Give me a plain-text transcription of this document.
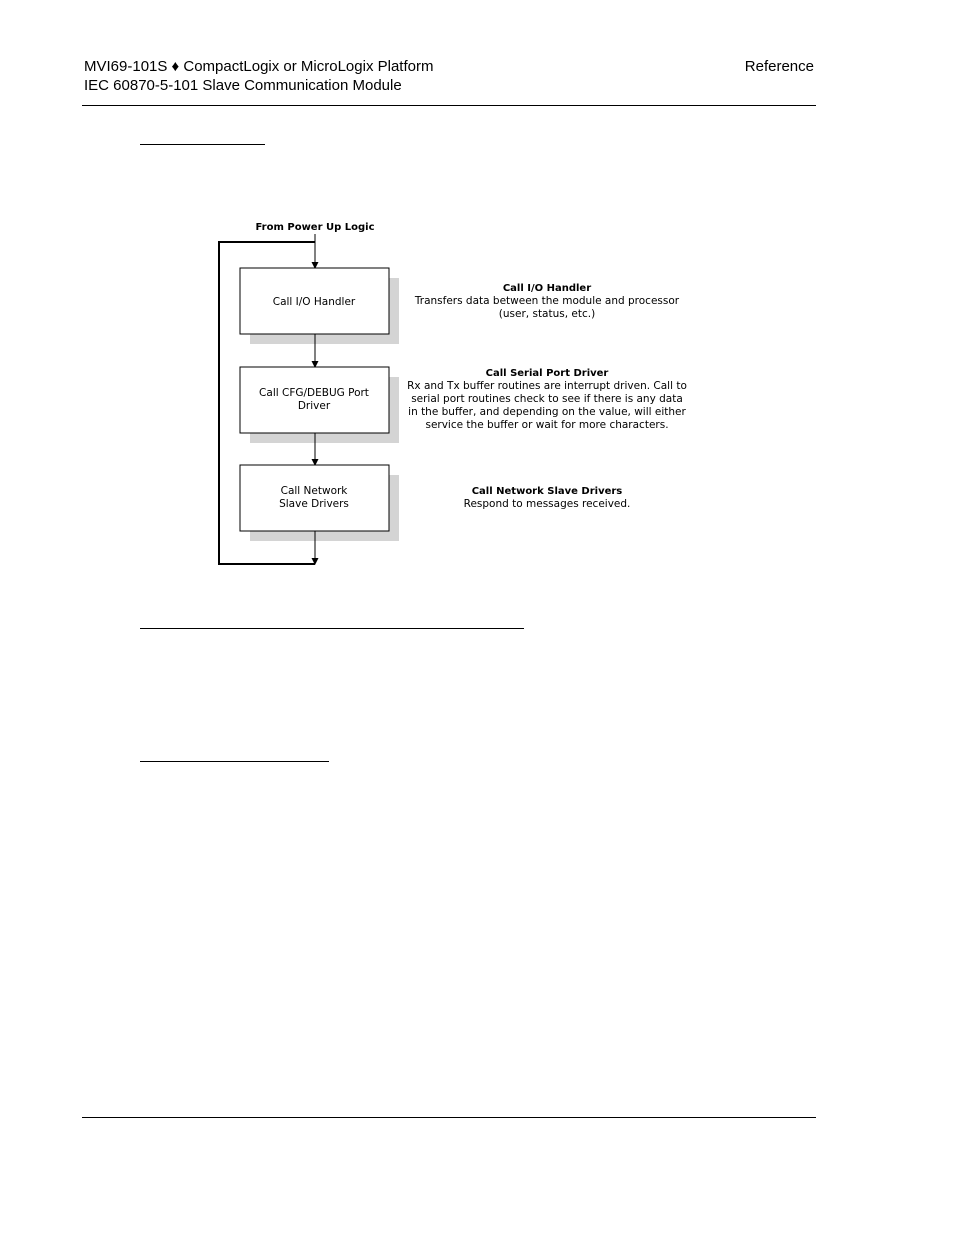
MVI69-101S ♦ CompactLogix or MicroLogix Platform
IEC 60870-5-101 Slave Communication Module
Reference
From Power Up Logic
Call I/O Handler
Call CFG/DEBUG Port
Driver
Call Network
Slave Drivers
Call I/O Handler
Transfers data between the module and processor
(user, status, etc.)
Call Serial Port Driver
Rx and Tx buffer routines are interrupt driven. Call to
serial port routines check to see if there is any data
in the buffer, and depending on the value, will either
service the buffer or wait for more characters.
Call Network Slave Drivers
Respond to messages received.
